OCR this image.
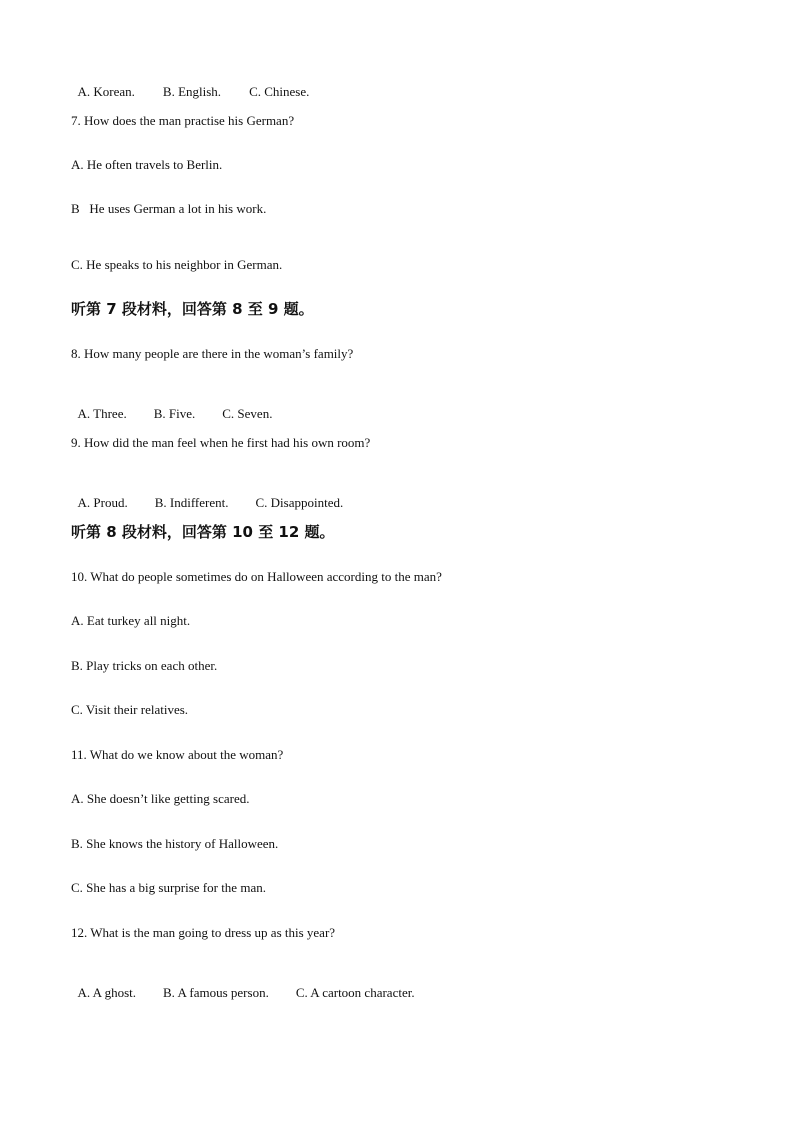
A. Korean. B. English. C. Chinese.

7. How does the man practise his German?
A. He often travels to Berlin.
B   He uses German a lot in his work.
C. He speaks to his neighbor in German.
听第 7 段材料，回答第 8 至 9 题。
8. How many people are there in the woman’s family?

A. Three. B. Five. C. Seven.

9. How did the man feel when he first had his own room?

A. Proud. B. Indifferent. C. Disappointed.

听第 8 段材料，回答第 10 至 12 题。
10. What do people sometimes do on Halloween according to the man?
A. Eat turkey all night.
B. Play tricks on each other.
C. Visit their relatives.
11. What do we know about the woman?
A. She doesn’t like getting scared.
B. She knows the history of Halloween.
C. She has a big surprise for the man.
12. What is the man going to dress up as this year?

A. A ghost. B. A famous person. C. A cartoon character.
